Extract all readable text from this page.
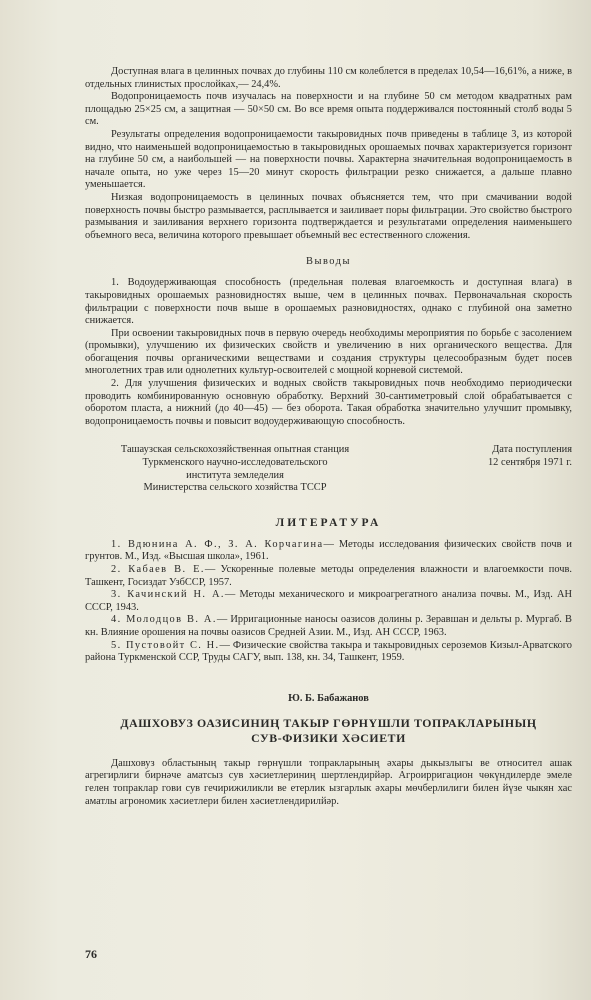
Доступная влага в целинных почвах до глубины 110 см колеблется в пределах 10,54—16,61%, а ниже, в отдельных глинистых прослойках,— 24,4%.

Водопроницаемость почв изучалась на поверхности и на глубине 50 см методом квадратных рам площадью 25×25 см, а защитная — 50×50 см. Во все время опыта поддерживался постоянный столб воды 5 см.

Результаты определения водопроницаемости такыровидных почв приведены в таблице 3, из которой видно, что наименьшей водопроницаемостью в такыровидных орошаемых почвах характеризуется горизонт на глубине 50 см, а наибольшей — на поверхности почвы. Характерна значительная водопроницаемость в начале опыта, но уже через 15—20 минут скорость фильтрации резко снижается, а дальше плавно уменьшается.

Низкая водопроницаемость в целинных почвах объясняется тем, что при смачивании водой поверхность почвы быстро размывается, расплывается и заиливает поры фильтрации. Это свойство быстрого размывания и заиливания верхнего горизонта подтверждается и результатами определения наименьшего объемного веса, величина которого превышает объемный вес естественного сложения.

Выводы

1. Водоудерживающая способность (предельная полевая влагоемкость и доступная влага) в такыровидных орошаемых разновидностях выше, чем в целинных почвах. Первоначальная скорость фильтрации с поверхности почв выше в орошаемых разновидностях, однако с глубиной она заметно снижается.

При освоении такыровидных почв в первую очередь необходимы мероприятия по борьбе с засолением (промывки), улучшению их физических свойств и увеличению в них органического вещества. Для обогащения почвы органическими веществами и создания структуры целесообразным будет посев многолетних трав или однолетних культур-освоителей с мощной корневой системой.

2. Для улучшения физических и водных свойств такыровидных почв необходимо периодически проводить комбинированную основную обработку. Верхний 30-сантиметровый слой обрабатывается с оборотом пласта, а нижний (до 40—45) — без оборота. Такая обработка значительно улучшит промывку, водопроницаемость почвы и повысит водоудерживающую способность.

Ташаузская сельскохозяйственная опытная станция
Туркменского научно-исследовательского
института земледелия
Министерства сельского хозяйства ТССР
Дата поступления
12 сентября 1971 г.
ЛИТЕРАТУРА

1. Вдюнина А. Ф., З. А. Корчагина— Методы исследования физических свойств почв и грунтов. М., Изд. «Высшая школа», 1961.

2. Кабаев В. Е.— Ускоренные полевые методы определения влажности и влагоемкости почв. Ташкент, Госиздат УзбССР, 1957.

3. Качинский Н. А.— Методы механического и микроагрегатного анализа почвы. М., Изд. АН СССР, 1943.

4. Молодцов В. А.— Ирригационные наносы оазисов долины р. Зеравшан и дельты р. Мургаб. В кн. Влияние орошения на почвы оазисов Средней Азии. М., Изд. АН СССР, 1963.

5. Пустовойт С. Н.— Физические свойства такыра и такыровидных сероземов Кизыл-Арватского района Туркменской ССР, Труды САГУ, вып. 138, кн. 34, Ташкент, 1959.

Ю. Б. Бабажанов
ДАШХОВУЗ ОАЗИСИНИҢ ТАКЫР ГӨРНҮШЛИ ТОПРАКЛАРЫНЫҢ
СУВ-ФИЗИКИ ХӘСИЕТИ

Дашховуз областының такыр гөрнүшли топракларының әхары дыкызлыгы ве относител ашак агрегирлиги бирнәче аматсыз сув хәсиетлериниң шертлендирйәр. Агроирригацион чөкүндилерде эмеле гелен топраклар гови сув гечирижиликли ве етерлик ызгарлык әхары мөчберлилиги билен йүзе чыкян хас аматлы агрономик хәсиетлери билен хәсиетлендирилйәр.

76
